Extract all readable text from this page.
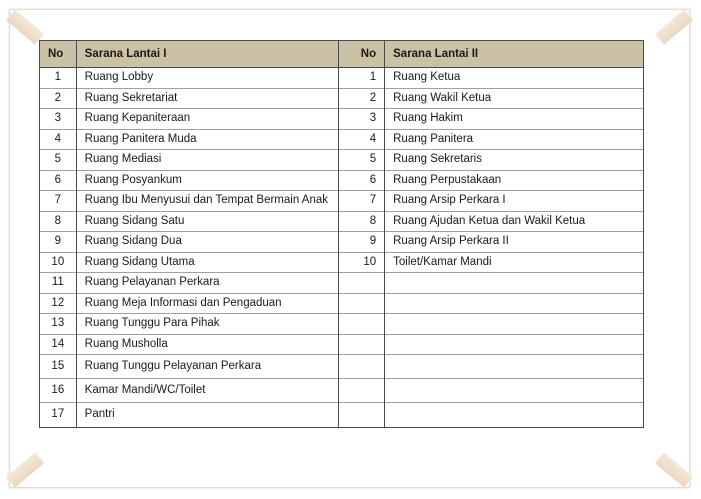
No	Sarana Lantai I	No	Sarana Lantai II
1	Ruang Lobby	1	Ruang Ketua
2	Ruang Sekretariat	2	Ruang Wakil Ketua
3	Ruang Kepaniteraan	3	Ruang Hakim
4	Ruang Panitera Muda	4	Ruang Panitera
5	Ruang Mediasi	5	Ruang Sekretaris
6	Ruang Posyankum	6	Ruang Perpustakaan
7	Ruang Ibu Menyusui dan Tempat Bermain Anak	7	Ruang Arsip Perkara I
8	Ruang Sidang Satu	8	Ruang Ajudan Ketua dan Wakil Ketua
9	Ruang Sidang Dua	9	Ruang Arsip Perkara II
10	Ruang Sidang Utama	10	Toilet/Kamar Mandi
11	Ruang Pelayanan Perkara		
12	Ruang Meja Informasi dan Pengaduan		
13	Ruang Tunggu Para Pihak		
14	Ruang Musholla		
15	Ruang Tunggu Pelayanan Perkara		
16	Kamar Mandi/WC/Toilet		
17	Pantri		
